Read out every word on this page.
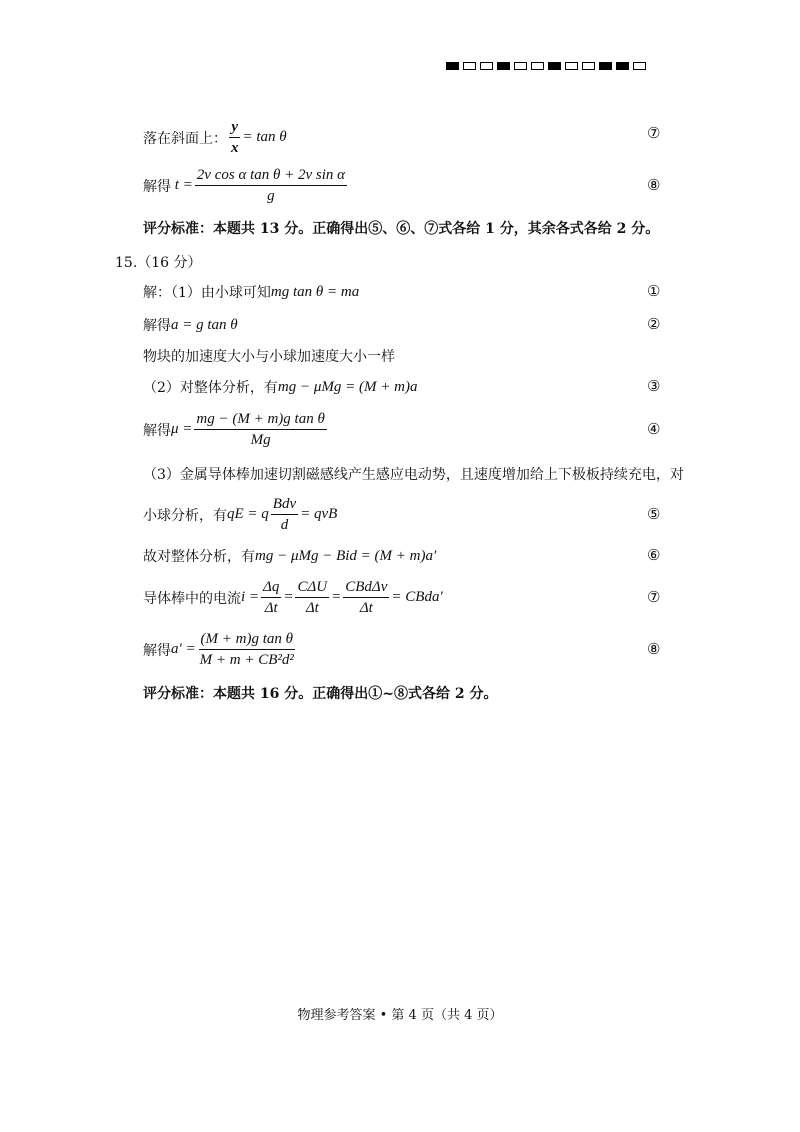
落在斜面上： $\frac{y}{x} = \tan \theta$	⑦
解得 $t = \frac{\text{2v cos α tan θ + 2v sin α}}{g}$	⑧
评分标准：本题共 13 分。正确得出⑤、⑥、⑦式各给 1 分，其余各式各给 2 分。
15.（16 分）
解：（1）由小球可知 mg tan θ = ma	①
解得 a = g tan θ	②
物块的加速度大小与小球加速度大小一样
（2）对整体分析，有 mg − μMg = (M + m)a	③
解得 $\mu = \frac{\text{mg − (M + m)g tan θ}}{Mg}$	④
（3）金属导体棒加速切割磁感线产生感应电动势，且速度增加给上下极板持续充电，对
小球分析，有 qE = q $\frac{\text{Bdv}}{d}$ = qvB	⑤
故对整体分析，有 mg − μMg − Bid = (M + m)a′	⑥
导体棒中的电流 $i = \frac{\Delta q}{\Delta t} = \frac{\text{CΔU}}{\Delta t} = \frac{\text{CBdΔv}}{\Delta t}$ = CBda′	⑦
解得 $a' = \frac{\text{(M + m)g tan θ}}{\text{M + m + CB²d²}}$	⑧
评分标准：本题共 16 分。正确得出①~⑧式各给 2 分。
物理参考答案 • 第 4 页（共 4 页）
